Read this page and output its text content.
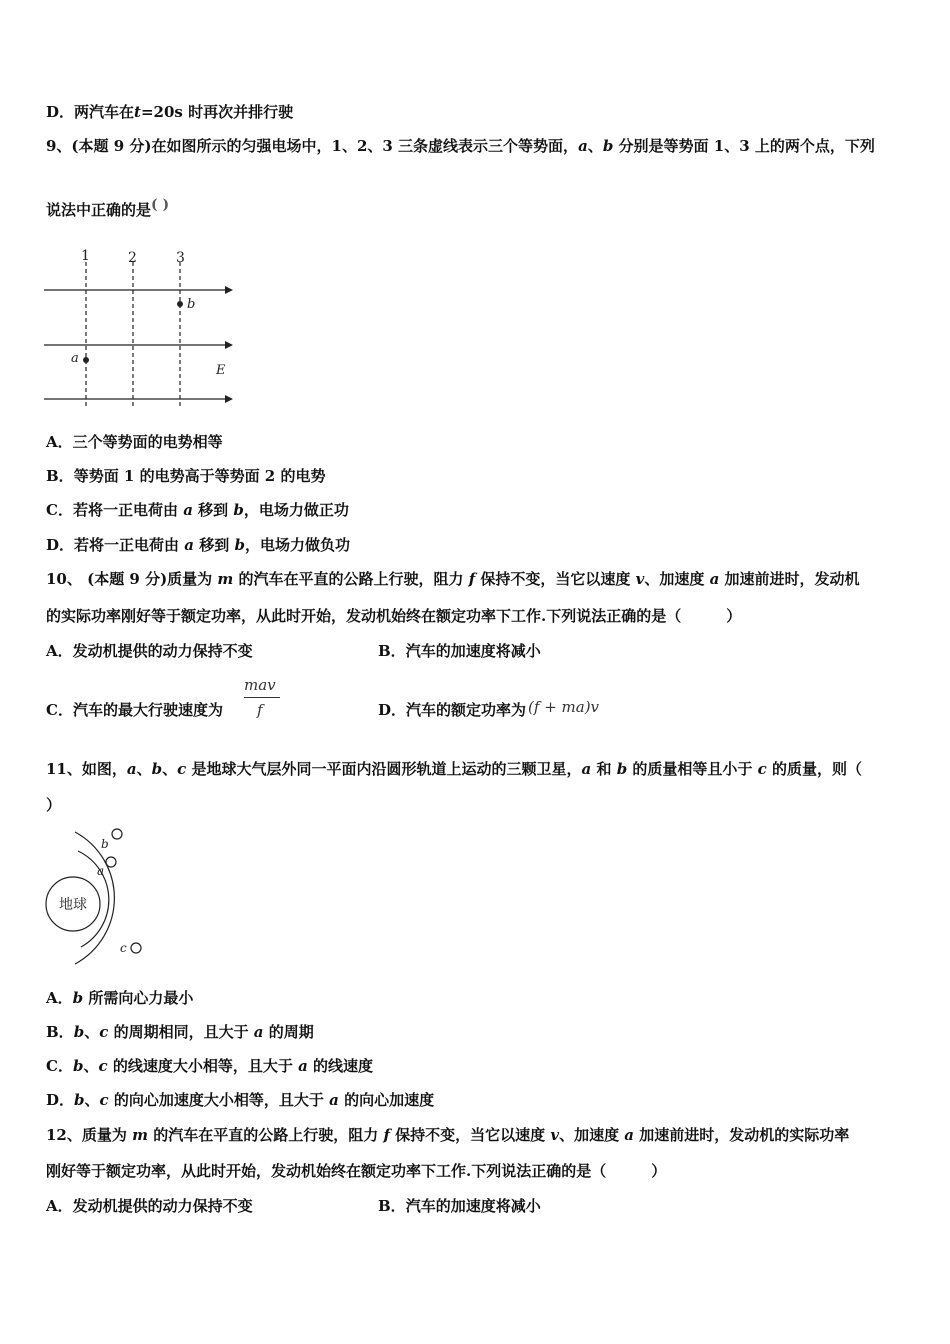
D．两汽车在t=20s 时再次并排行驶
9、(本题 9 分)在如图所示的匀强电场中，1、2、3 三条虚线表示三个等势面，a、b 分别是等势面 1、3 上的两个点，下列
说法中正确的是( )
1	2	3
b
a
E
A．三个等势面的电势相等
B．等势面 1 的电势高于等势面 2 的电势
C．若将一正电荷由 a 移到 b，电场力做正功
D．若将一正电荷由 a 移到 b，电场力做负功
10、 (本题 9 分)质量为 m 的汽车在平直的公路上行驶，阻力 f 保持不变，当它以速度 v、加速度 a 加速前进时，发动机
的实际功率刚好等于额定功率，从此时开始，发动机始终在额定功率下工作.下列说法正确的是（　　　）
A．发动机提供的动力保持不变	B．汽车的加速度将减小
C．汽车的最大行驶速度为
mav
f	D．汽车的额定功率为 (f + ma)v
11、如图，a、b、c 是地球大气层外同一平面内沿圆形轨道上运动的三颗卫星，a 和 b 的质量相等且小于 c 的质量，则（
）
地球
b
a
c
A．b 所需向心力最小
B．b、c 的周期相同，且大于 a 的周期
C．b、c 的线速度大小相等，且大于 a 的线速度
D．b、c 的向心加速度大小相等，且大于 a 的向心加速度
12、质量为 m 的汽车在平直的公路上行驶，阻力 f 保持不变，当它以速度 v、加速度 a 加速前进时，发动机的实际功率
刚好等于额定功率，从此时开始，发动机始终在额定功率下工作.下列说法正确的是（　　　）
A．发动机提供的动力保持不变	B．汽车的加速度将减小
